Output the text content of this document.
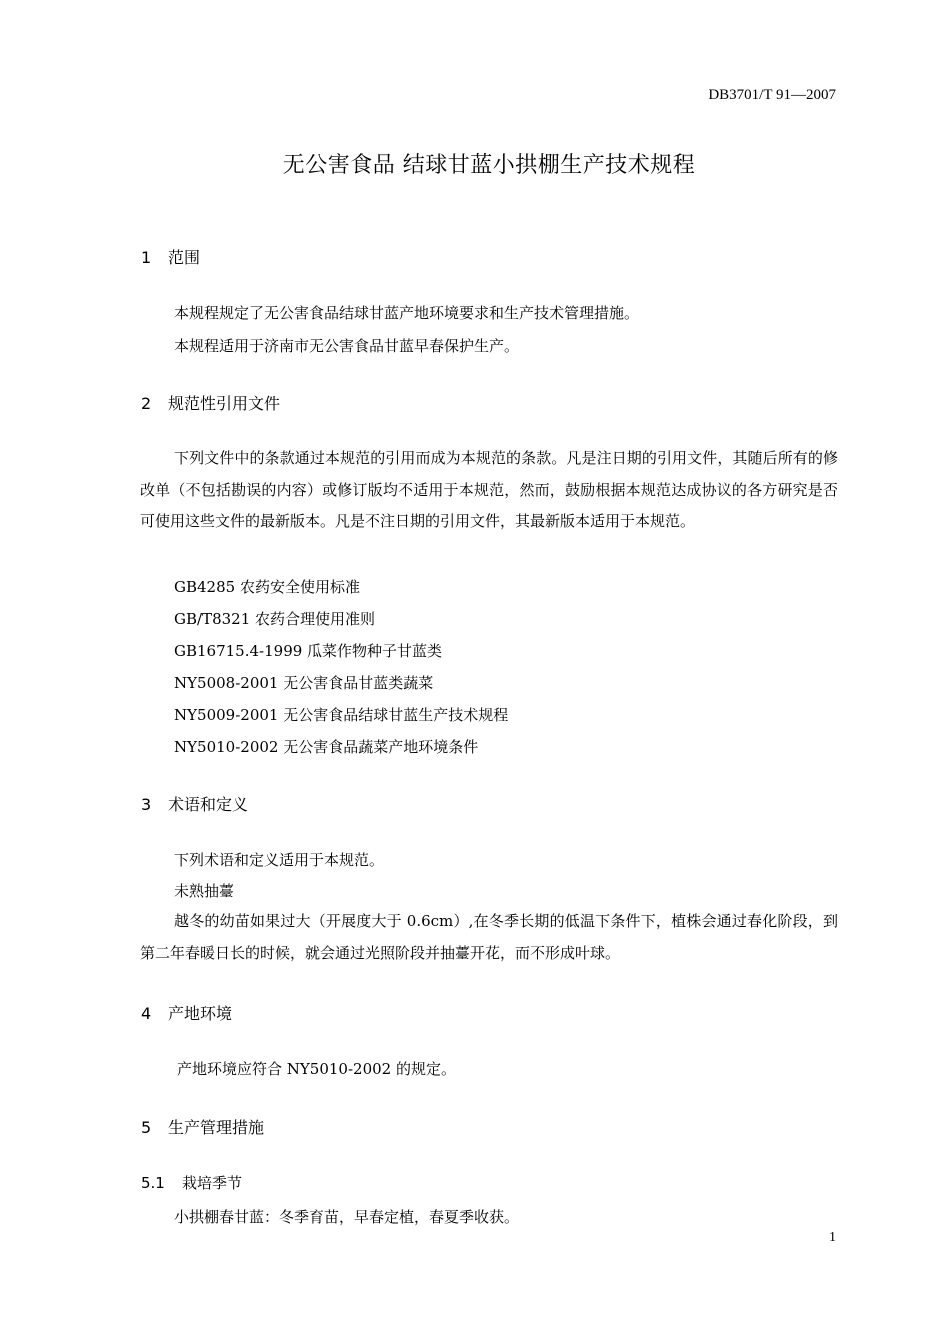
DB3701/T 91—2007
无公害食品 结球甘蓝小拱棚生产技术规程
1 范围
本规程规定了无公害食品结球甘蓝产地环境要求和生产技术管理措施。
本规程适用于济南市无公害食品甘蓝早春保护生产。
2 规范性引用文件
下列文件中的条款通过本规范的引用而成为本规范的条款。凡是注日期的引用文件，其随后所有的修改单（不包括勘误的内容）或修订版均不适用于本规范，然而，鼓励根据本规范达成协议的各方研究是否可使用这些文件的最新版本。凡是不注日期的引用文件，其最新版本适用于本规范。
GB4285 农药安全使用标准
GB/T8321 农药合理使用准则
GB16715.4-1999 瓜菜作物种子甘蓝类
NY5008-2001 无公害食品甘蓝类蔬菜
NY5009-2001 无公害食品结球甘蓝生产技术规程
NY5010-2002 无公害食品蔬菜产地环境条件
3 术语和定义
下列术语和定义适用于本规范。
未熟抽薹
越冬的幼苗如果过大（开展度大于 0.6cm）,在冬季长期的低温下条件下，植株会通过春化阶段，到第二年春暖日长的时候，就会通过光照阶段并抽薹开花，而不形成叶球。
4 产地环境
产地环境应符合 NY5010-2002 的规定。
5 生产管理措施
5.1 栽培季节
小拱棚春甘蓝：冬季育苗，早春定植，春夏季收获。
1
